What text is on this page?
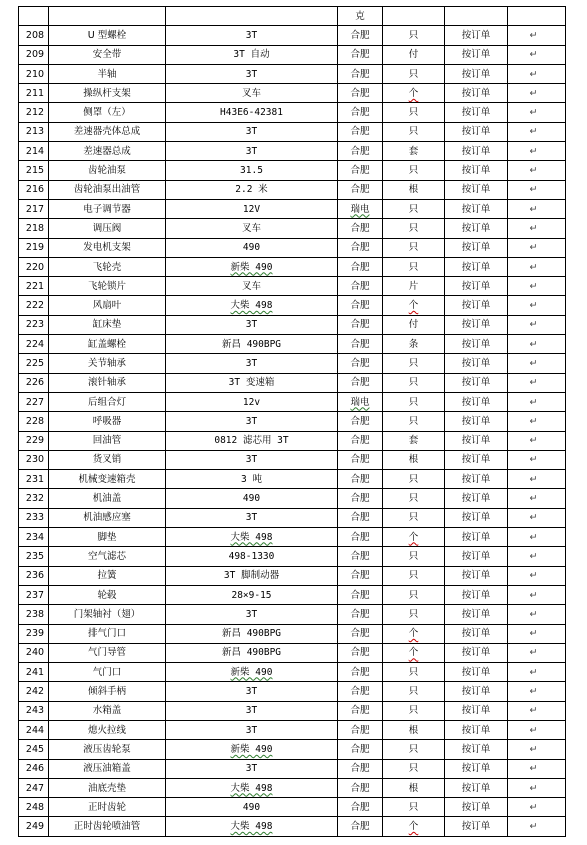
			克			
208	U 型螺栓	3T	合肥	只	按订单	↵
209	安全带	3T 自动	合肥	付	按订单	↵
210	半轴	3T	合肥	只	按订单	↵
211	操纵杆支架	叉车	合肥	个	按订单	↵
212	侧罩（左）	H43E6-42381	合肥	只	按订单	↵
213	差速器壳体总成	3T	合肥	只	按订单	↵
214	差速器总成	3T	合肥	套	按订单	↵
215	齿轮油泵	31.5	合肥	只	按订单	↵
216	齿轮油泵出油管	2.2 米	合肥	根	按订单	↵
217	电子调节器	12V	瑞电	只	按订单	↵
218	调压阀	叉车	合肥	只	按订单	↵
219	发电机支架	490	合肥	只	按订单	↵
220	飞轮壳	新柴 490	合肥	只	按订单	↵
221	飞轮锁片	叉车	合肥	片	按订单	↵
222	风扇叶	大柴 498	合肥	个	按订单	↵
223	缸床垫	3T	合肥	付	按订单	↵
224	缸盖螺栓	新昌 490BPG	合肥	条	按订单	↵
225	关节轴承	3T	合肥	只	按订单	↵
226	滚针轴承	3T 变速箱	合肥	只	按订单	↵
227	后组合灯	12v	瑞电	只	按订单	↵
228	呼吸器	3T	合肥	只	按订单	↵
229	回油管	0812 滤芯用 3T	合肥	套	按订单	↵
230	货叉销	3T	合肥	根	按订单	↵
231	机械变速箱壳	3 吨	合肥	只	按订单	↵
232	机油盖	490	合肥	只	按订单	↵
233	机油感应塞	3T	合肥	只	按订单	↵
234	脚垫	大柴 498	合肥	个	按订单	↵
235	空气滤芯	498-1330	合肥	只	按订单	↵
236	拉簧	3T 脚制动器	合肥	只	按订单	↵
237	轮毂	28×9-15	合肥	只	按订单	↵
238	门架轴衬（翅）	3T	合肥	只	按订单	↵
239	排气门口	新昌 490BPG	合肥	个	按订单	↵
240	气门导管	新昌 490BPG	合肥	个	按订单	↵
241	气门口	新柴 490	合肥	只	按订单	↵
242	倾斜手柄	3T	合肥	只	按订单	↵
243	水箱盖	3T	合肥	只	按订单	↵
244	熄火拉线	3T	合肥	根	按订单	↵
245	液压齿轮泵	新柴 490	合肥	只	按订单	↵
246	液压油箱盖	3T	合肥	只	按订单	↵
247	油底壳垫	大柴 498	合肥	根	按订单	↵
248	正时齿轮	490	合肥	只	按订单	↵
249	正时齿轮喷油管	大柴 498	合肥	个	按订单	↵
